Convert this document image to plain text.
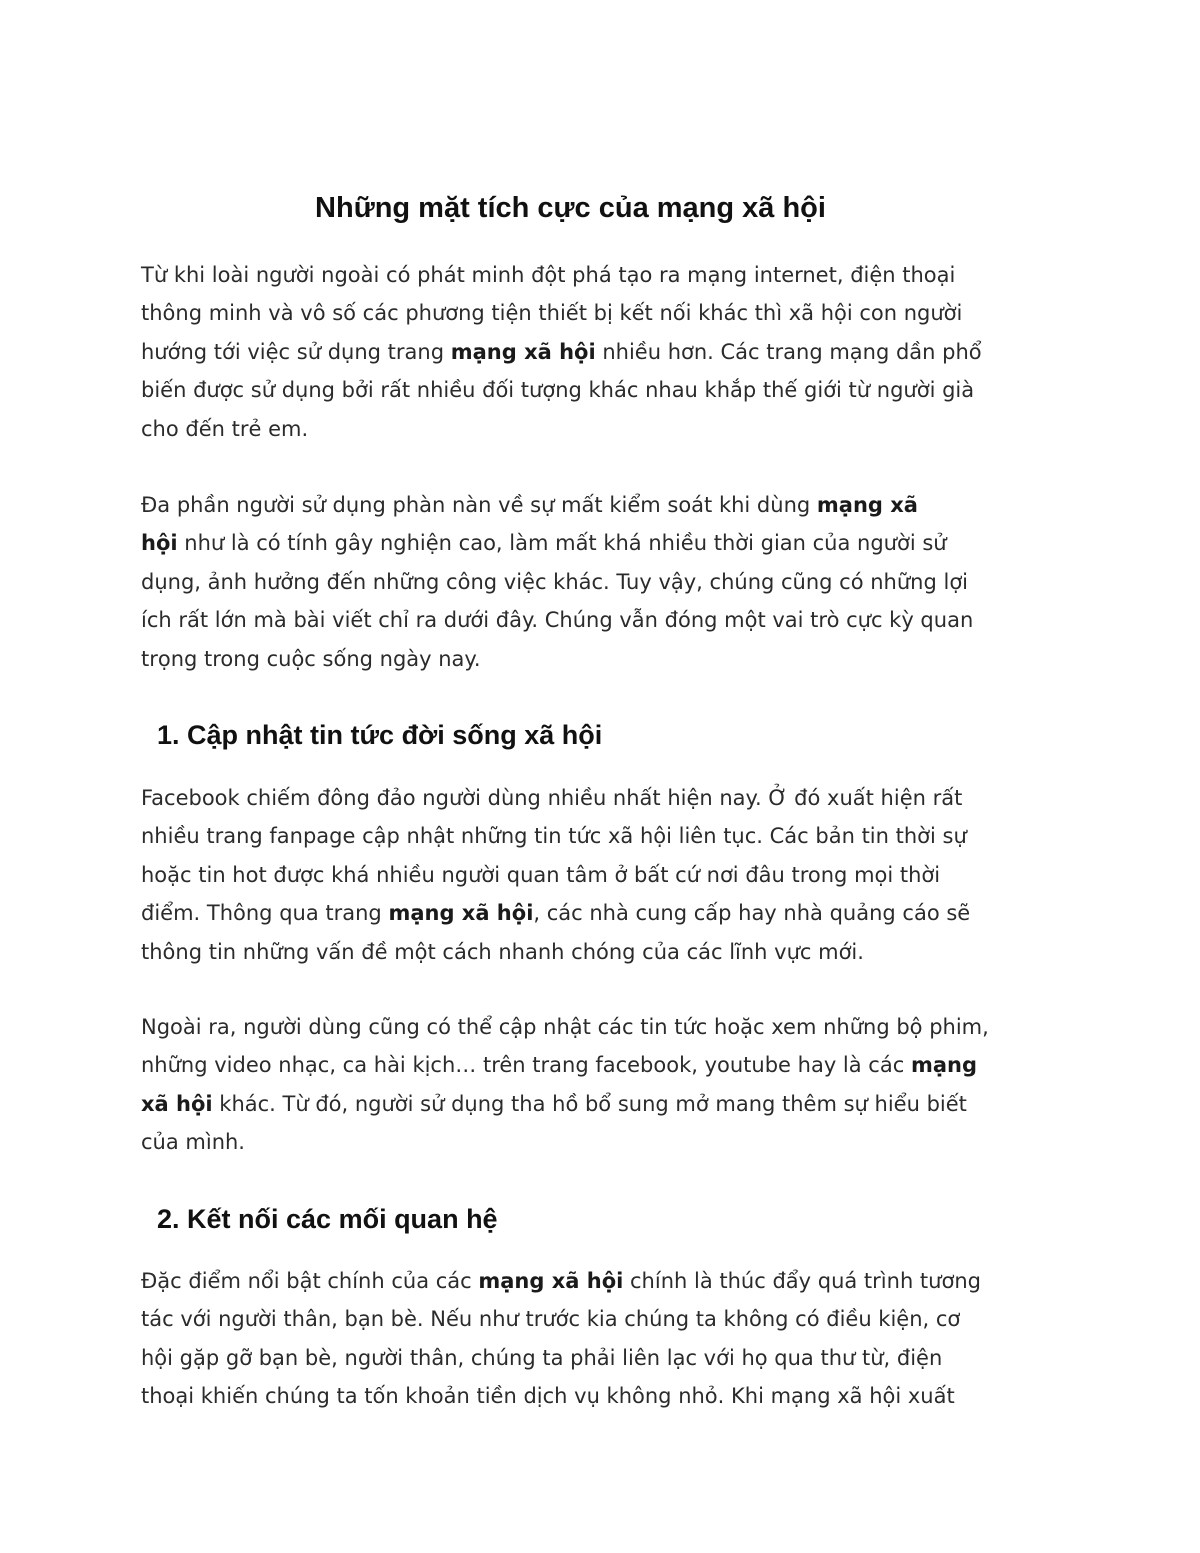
Những mặt tích cực của mạng xã hội

Từ khi loài người ngoài có phát minh đột phá tạo ra mạng internet, điện thoại
thông minh và vô số các phương tiện thiết bị kết nối khác thì xã hội con người
hướng tới việc sử dụng trang mạng xã hội nhiều hơn. Các trang mạng dần phổ
biến được sử dụng bởi rất nhiều đối tượng khác nhau khắp thế giới từ người già
cho đến trẻ em.

Đa phần người sử dụng phàn nàn về sự mất kiểm soát khi dùng mạng xã
hội như là có tính gây nghiện cao, làm mất khá nhiều thời gian của người sử
dụng, ảnh hưởng đến những công việc khác. Tuy vậy, chúng cũng có những lợi
ích rất lớn mà bài viết chỉ ra dưới đây. Chúng vẫn đóng một vai trò cực kỳ quan
trọng trong cuộc sống ngày nay.

1. Cập nhật tin tức đời sống xã hội

Facebook chiếm đông đảo người dùng nhiều nhất hiện nay. Ở đó xuất hiện rất
nhiều trang fanpage cập nhật những tin tức xã hội liên tục. Các bản tin thời sự
hoặc tin hot được khá nhiều người quan tâm ở bất cứ nơi đâu trong mọi thời
điểm. Thông qua trang mạng xã hội, các nhà cung cấp hay nhà quảng cáo sẽ
thông tin những vấn đề một cách nhanh chóng của các lĩnh vực mới.

Ngoài ra, người dùng cũng có thể cập nhật các tin tức hoặc xem những bộ phim,
những video nhạc, ca hài kịch… trên trang facebook, youtube hay là các mạng
xã hội khác. Từ đó, người sử dụng tha hồ bổ sung mở mang thêm sự hiểu biết
của mình.

2. Kết nối các mối quan hệ

Đặc điểm nổi bật chính của các mạng xã hội chính là thúc đẩy quá trình tương
tác với người thân, bạn bè. Nếu như trước kia chúng ta không có điều kiện, cơ
hội gặp gỡ bạn bè, người thân, chúng ta phải liên lạc với họ qua thư từ, điện
thoại khiến chúng ta tốn khoản tiền dịch vụ không nhỏ. Khi mạng xã hội xuất
